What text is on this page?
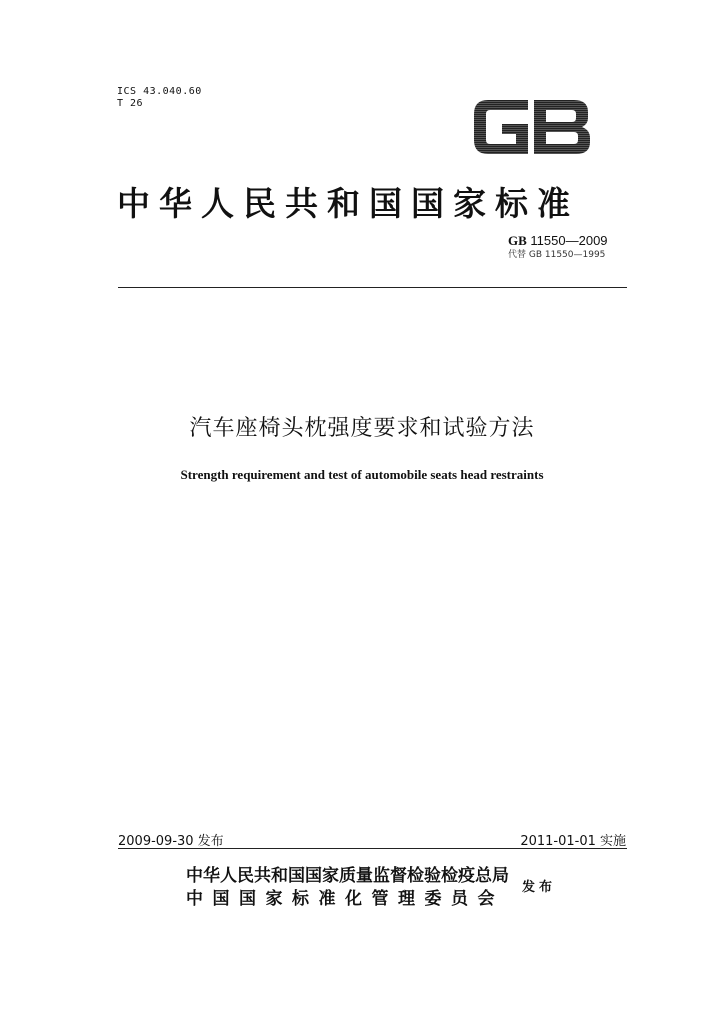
ICS 43.040.60
T 26
中华人民共和国国家标准
GB 11550—2009
代替 GB 11550—1995
汽车座椅头枕强度要求和试验方法
Strength requirement and test of automobile seats head restraints
2009-09-30 发布	2011-01-01 实施
中华人民共和国国家质量监督检验检疫总局
中国国家标准化管理委员会
发布
